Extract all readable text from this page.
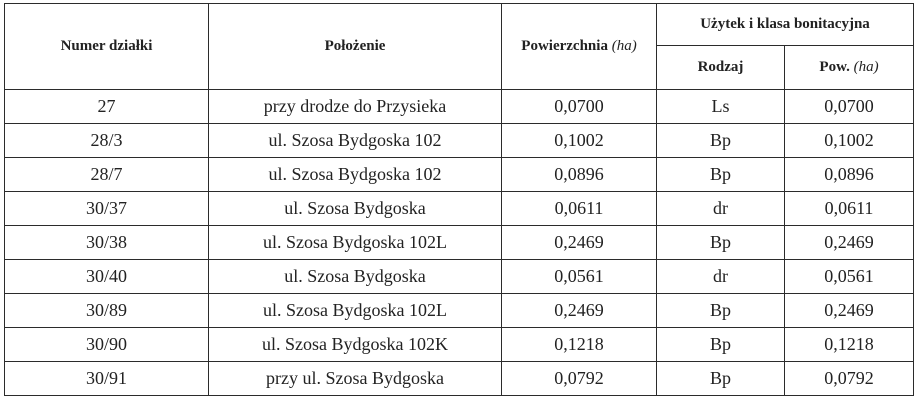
Numer działki	Położenie	Powierzchnia (ha)	Użytek i klasa bonitacyjna	
			Rodzaj	Pow. (ha)
27	przy drodze do Przysieka	0,0700	Ls	0,0700
28/3	ul. Szosa Bydgoska 102	0,1002	Bp	0,1002
28/7	ul. Szosa Bydgoska 102	0,0896	Bp	0,0896
30/37	ul. Szosa Bydgoska	0,0611	dr	0,0611
30/38	ul. Szosa Bydgoska 102L	0,2469	Bp	0,2469
30/40	ul. Szosa Bydgoska	0,0561	dr	0,0561
30/89	ul. Szosa Bydgoska 102L	0,2469	Bp	0,2469
30/90	ul. Szosa Bydgoska 102K	0,1218	Bp	0,1218
30/91	przy ul. Szosa Bydgoska	0,0792	Bp	0,0792
